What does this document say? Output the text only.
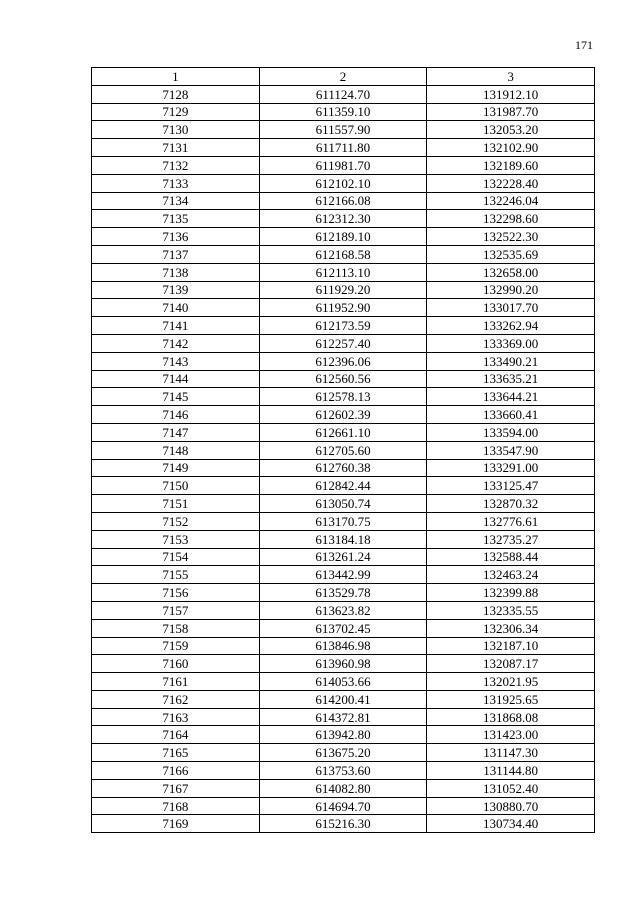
171
1	2	3
7128	611124.70	131912.10
7129	611359.10	131987.70
7130	611557.90	132053.20
7131	611711.80	132102.90
7132	611981.70	132189.60
7133	612102.10	132228.40
7134	612166.08	132246.04
7135	612312.30	132298.60
7136	612189.10	132522.30
7137	612168.58	132535.69
7138	612113.10	132658.00
7139	611929.20	132990.20
7140	611952.90	133017.70
7141	612173.59	133262.94
7142	612257.40	133369.00
7143	612396.06	133490.21
7144	612560.56	133635.21
7145	612578.13	133644.21
7146	612602.39	133660.41
7147	612661.10	133594.00
7148	612705.60	133547.90
7149	612760.38	133291.00
7150	612842.44	133125.47
7151	613050.74	132870.32
7152	613170.75	132776.61
7153	613184.18	132735.27
7154	613261.24	132588.44
7155	613442.99	132463.24
7156	613529.78	132399.88
7157	613623.82	132335.55
7158	613702.45	132306.34
7159	613846.98	132187.10
7160	613960.98	132087.17
7161	614053.66	132021.95
7162	614200.41	131925.65
7163	614372.81	131868.08
7164	613942.80	131423.00
7165	613675.20	131147.30
7166	613753.60	131144.80
7167	614082.80	131052.40
7168	614694.70	130880.70
7169	615216.30	130734.40
